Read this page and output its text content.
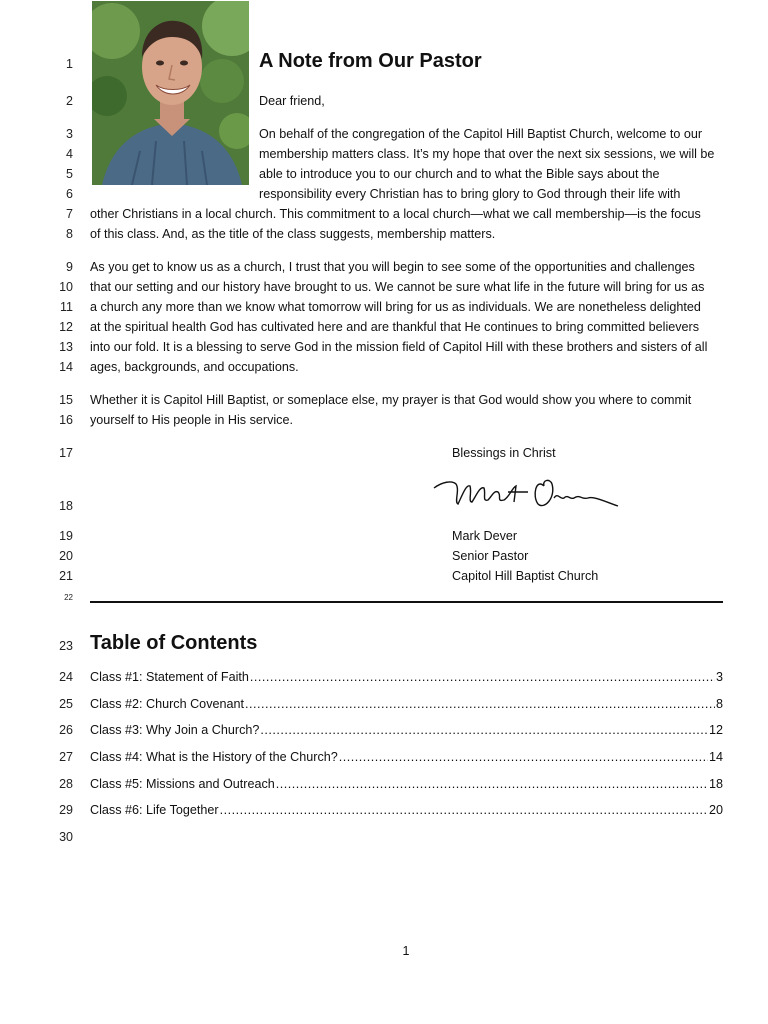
1
2
3
4
5
6
7
8
9
10
11
12
13
14
15
16
17
18
19
20
21
22
23
24
25
26
27
28
29
30
A Note from Our Pastor
Dear friend,
On behalf of the congregation of the Capitol Hill Baptist Church, welcome to our
membership matters class. It’s my hope that over the next six sessions, we will be
able to introduce you to our church and to what the Bible says about the
responsibility every Christian has to bring glory to God through their life with
other Christians in a local church. This commitment to a local church—what we call membership—is the focus
of this class. And, as the title of the class suggests, membership matters.
As you get to know us as a church, I trust that you will begin to see some of the opportunities and challenges
that our setting and our history have brought to us. We cannot be sure what life in the future will bring for us as
a church any more than we know what tomorrow will bring for us as individuals. We are nonetheless delighted
at the spiritual health God has cultivated here and are thankful that He continues to bring committed believers
into our fold. It is a blessing to serve God in the mission field of Capitol Hill with these brothers and sisters of all
ages, backgrounds, and occupations.
Whether it is Capitol Hill Baptist, or someplace else, my prayer is that God would show you where to commit
yourself to His people in His service.
Blessings in Christ
Mark Dever
Senior Pastor
Capitol Hill Baptist Church
Table of Contents
Class #1: Statement of Faith .....	3
Class #2: Church Covenant .....	8
Class #3: Why Join a Church? .....	12
Class #4: What is the History of the Church? .....	14
Class #5: Missions and Outreach .....	18
Class #6: Life Together .....	20
1
